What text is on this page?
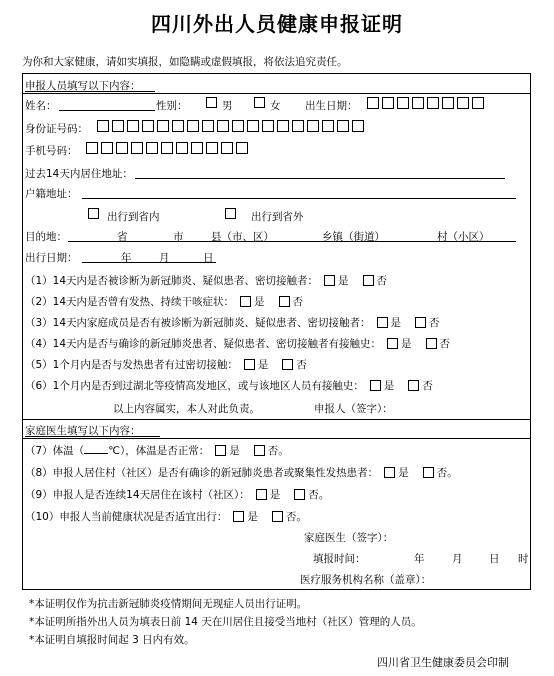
四川外出人员健康申报证明
为你和大家健康，请如实填报，如隐瞒或虚假填报，将依法追究责任。
申报人员填写以下内容：
姓名：	性别：	男	女 出生日期：
身份证号码：
手机号码：
过去14天内居住地址：
户籍地址：
出行到省内	出行到省外
目的地：	省	市	县（市、区）	乡镇（街道）	村（小区）
出行日期：	年	月	日
（1）14天内是否被诊断为新冠肺炎、疑似患者、密切接触者： 是	否
（2）14天内是否曾有发热、持续干咳症状： 是	否
（3）14天内家庭成员是否有被诊断为新冠肺炎、疑似患者、密切接触者： 是	否
（4）14天内是否与确诊的新冠肺炎患者、疑似患者、密切接触者有接触史： 是	否
（5）1个月内是否与发热患者有过密切接触： 是	否
（6）1个月内是否到过湖北等疫情高发地区，或与该地区人员有接触史： 是	否
以上内容属实，本人对此负责。	申报人（签字）：
家庭医生填写以下内容：
（7）体温（ ℃），体温是否正常： 是	否。
（8）申报人居住村（社区）是否有确诊的新冠肺炎患者或聚集性发热患者： 是	否。
（9）申报人是否连续14天居住在该村（社区）： 是	否。
（10）申报人当前健康状况是否适宜出行： 是	否。
家庭医生（签字）：
填报时间：	年	月	日 时
医疗服务机构名称（盖章）：
*本证明仅作为抗击新冠肺炎疫情期间无现症人员出行证明。
*本证明所指外出人员为填表日前 14 天在川居住且接受当地村（社区）管理的人员。
*本证明自填报时间起 3 日内有效。
四川省卫生健康委员会印制
